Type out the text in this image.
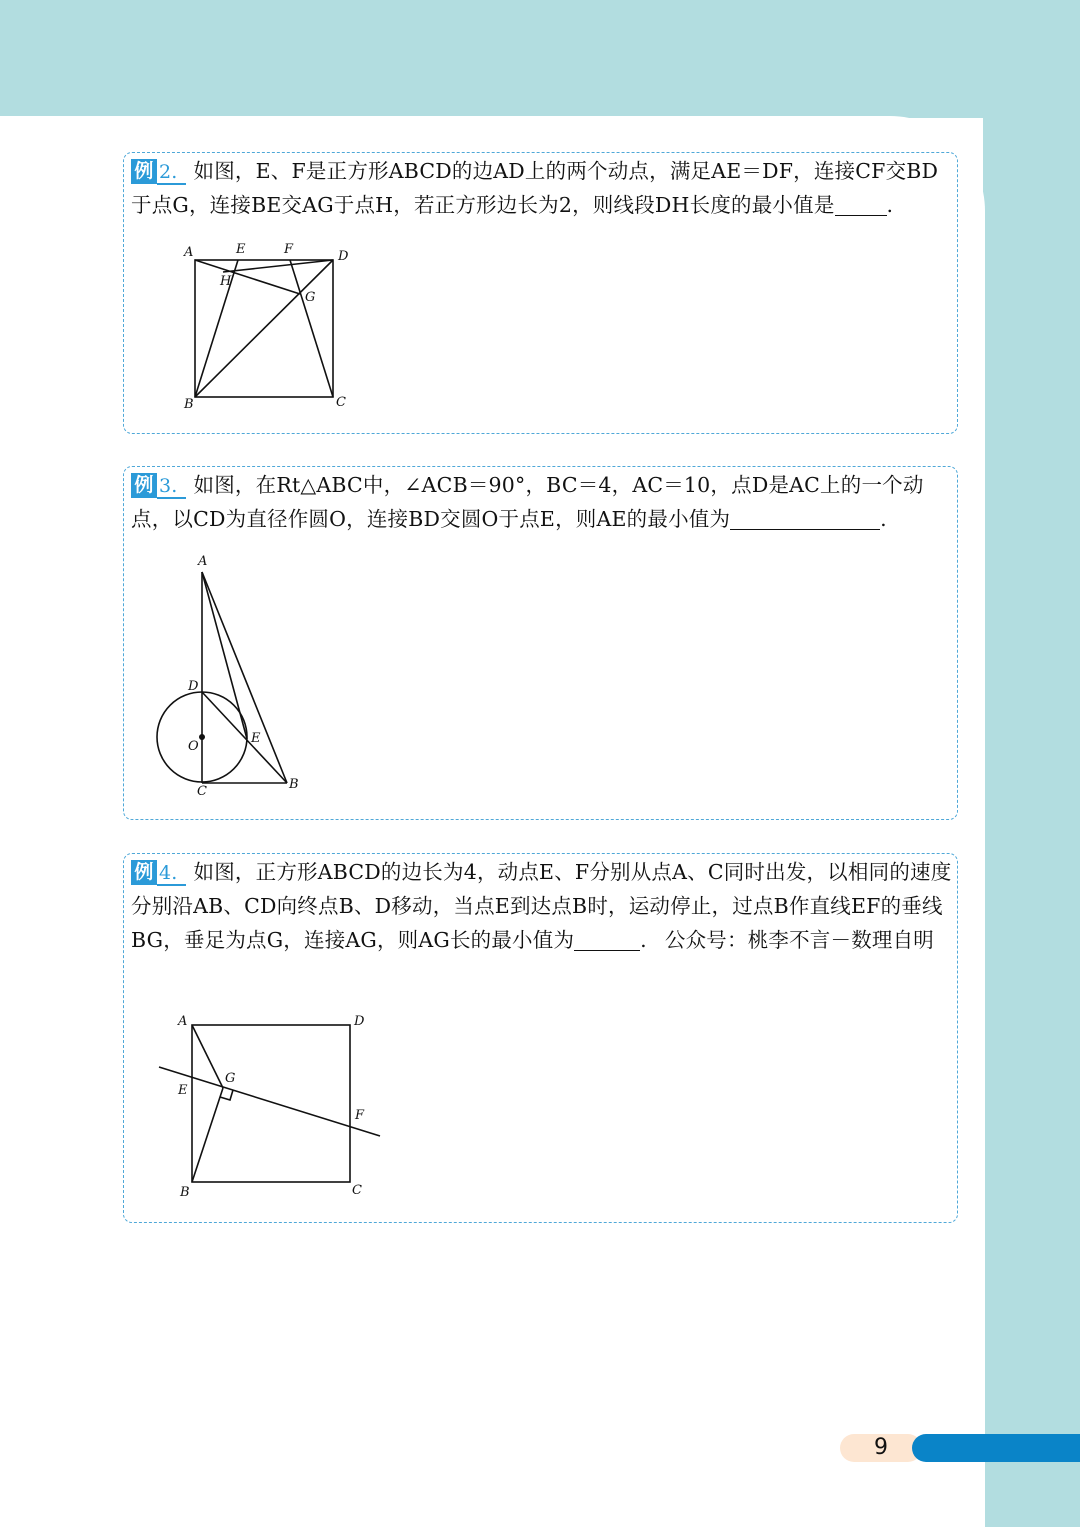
例 2. 如图，E、F是正方形ABCD的边AD上的两个动点，满足AE＝DF，连接CF交BD于点G，连接BE交AG于点H，若正方形边长为2，则线段DH长度的最小值是	.
A	E	F	D
H
G
B	C
例 3. 如图，在Rt△ABC中，∠ACB＝90°，BC＝4，AC＝10，点D是AC上的一个动点，以CD为直径作圆O，连接BD交圆O于点E，则AE的最小值为	.
A
D
O
E
C	B
例 4. 如图，正方形ABCD的边长为4，动点E、F分别从点A、C同时出发，以相同的速度分别沿AB、CD向终点B、D移动，当点E到达点B时，运动停止，过点B作直线EF的垂线BG，垂足为点G，连接AG，则AG长的最小值为	. 公众号：桃李不言－数理自明
A	D
G
E
F
B	C
9
